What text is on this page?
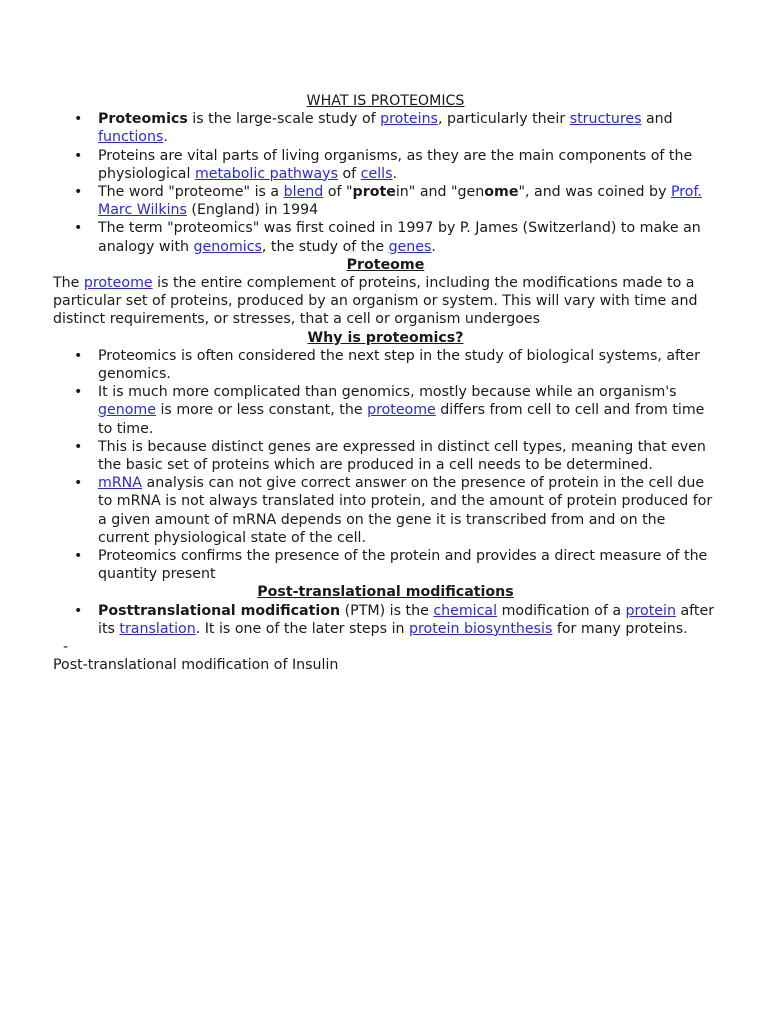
WHAT IS PROTEOMICS

• Proteomics is the large-scale study of proteins, particularly their structures and functions.
• Proteins are vital parts of living organisms, as they are the main components of the physiological metabolic pathways of cells.
• The word "proteome" is a blend of "protein" and "genome", and was coined by Prof. Marc Wilkins (England) in 1994
• The term "proteomics" was first coined in 1997 by P. James (Switzerland) to make an analogy with genomics, the study of the genes.

Proteome

The proteome is the entire complement of proteins, including the modifications made to a particular set of proteins, produced by an organism or system. This will vary with time and distinct requirements, or stresses, that a cell or organism undergoes

Why is proteomics?

• Proteomics is often considered the next step in the study of biological systems, after genomics.
• It is much more complicated than genomics, mostly because while an organism's genome is more or less constant, the proteome differs from cell to cell and from time to time.
• This is because distinct genes are expressed in distinct cell types, meaning that even the basic set of proteins which are produced in a cell needs to be determined.
• mRNA analysis can not give correct answer on the presence of protein in the cell due to mRNA is not always translated into protein, and the amount of protein produced for a given amount of mRNA depends on the gene it is transcribed from and on the current physiological state of the cell.
• Proteomics confirms the presence of the protein and provides a direct measure of the quantity present

Post-translational modifications

• Posttranslational modification (PTM) is the chemical modification of a protein after its translation. It is one of the later steps in protein biosynthesis for many proteins.
-

Post-translational modification of Insulin
